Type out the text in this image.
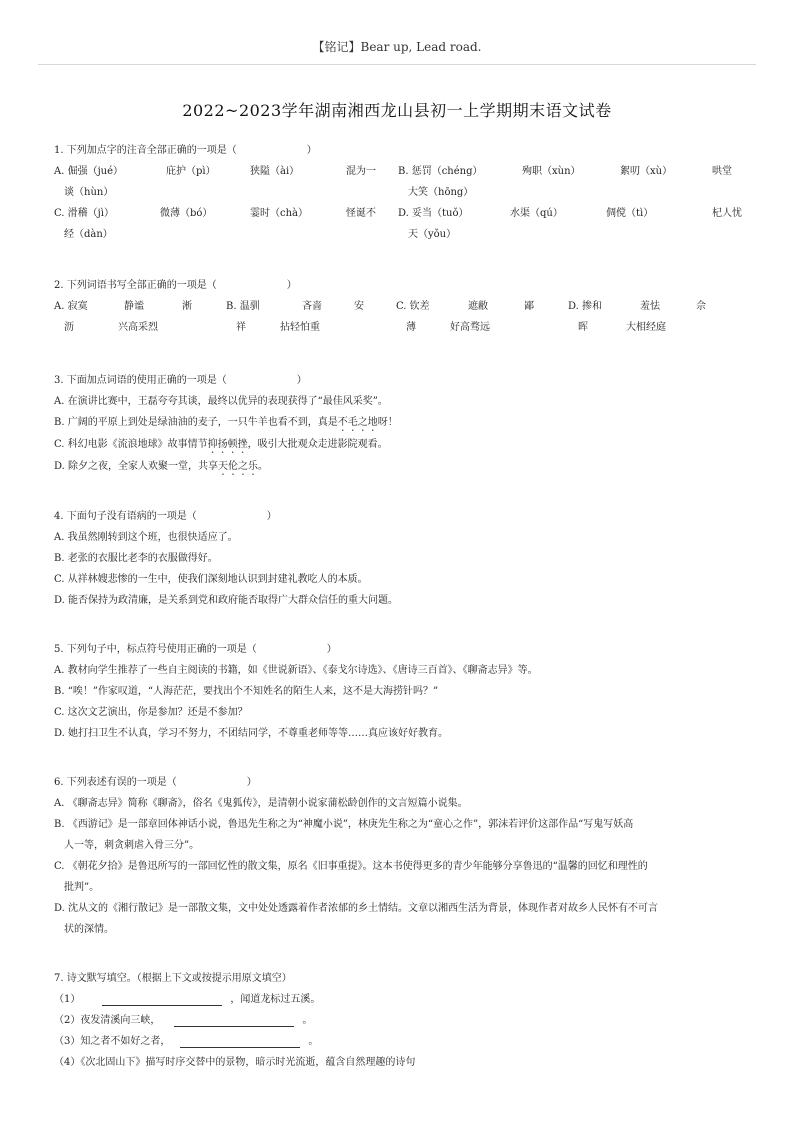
【铭记】Bear up, Lead road.
2022~2023学年湖南湘西龙山县初一上学期期末语文试卷
1. 下列加点字的注音全部正确的一项是（	）
A. 倔强（jué）	庇护（pì）	狭隘（ài）	混为一
谈（hùn）
B. 惩罚（chéng）	殉职（xùn）	絮叨（xù）	哄堂
大笑（hōng）
C. 滑稽（jì）	微薄（bó）	霎时（chà）	怪诞不
经（dàn）
D. 妥当（tuǒ）	水渠（qú）	倜傥（tì）	杞人忧
天（yǒu）
2. 下列词语书写全部正确的一项是（	）
A. 寂寞	静谧	淅
沥	兴高采烈
B. 温驯	吝啬	安
祥	拈轻怕重
C. 钦差	遮敝	鄙
薄	好高骛远
D. 掺和	羞怯	佘
晖	大相经庭
3. 下面加点词语的使用正确的一项是（	）
A. 在演讲比赛中，王磊夸夸其谈，最终以优异的表现获得了“最佳风采奖”。
B. 广阔的平原上到处是绿油油的麦子，一只牛羊也看不到，真是不毛之地呀！
C. 科幻电影《流浪地球》故事情节抑扬顿挫，吸引大批观众走进影院观看。
D. 除夕之夜，全家人欢聚一堂，共享天伦之乐。
4. 下面句子没有语病的一项是（	）
A. 我虽然刚转到这个班，也很快适应了。
B. 老张的衣服比老李的衣服做得好。
C. 从祥林嫂悲惨的一生中，使我们深刻地认识到封建礼教吃人的本质。
D. 能否保持为政清廉，是关系到党和政府能否取得广大群众信任的重大问题。
5. 下列句子中，标点符号使用正确的一项是（	）
A. 教材向学生推荐了一些自主阅读的书籍，如《世说新语》、《泰戈尔诗选》、《唐诗三百首》、《聊斋志异》等。
B. “唉！”作家叹道，“人海茫茫，要找出个不知姓名的陌生人来，这不是大海捞针吗？”
C. 这次文艺演出，你是参加？还是不参加？
D. 她打扫卫生不认真，学习不努力，不团结同学，不尊重老师等等……真应该好好教育。
6. 下列表述有误的一项是（	）
A. 《聊斋志异》简称《聊斋》，俗名《鬼狐传》，是清朝小说家蒲松龄创作的文言短篇小说集。
B. 《西游记》是一部章回体神话小说，鲁迅先生称之为“神魔小说”，林庚先生称之为“童心之作”，郭沫若评价这部作品“写鬼写妖高
人一等，刺贪刺虐入骨三分”。
C. 《朝花夕拾》是鲁迅所写的一部回忆性的散文集，原名《旧事重提》。这本书使得更多的青少年能够分享鲁迅的“温馨的回忆和理性的
批判”。
D. 沈从文的《湘行散记》是一部散文集，文中处处透露着作者浓郁的乡土情结。文章以湘西生活为背景，体现作者对故乡人民怀有不可言
状的深情。
7. 诗文默写填空。（根据上下文或按提示用原文填空）
（1）	，闻道龙标过五溪。
（2）夜发清溪向三峡，	。
（3）知之者不如好之者，	。
（4）《次北固山下》描写时序交替中的景物，暗示时光流逝，蕴含自然理趣的诗句
